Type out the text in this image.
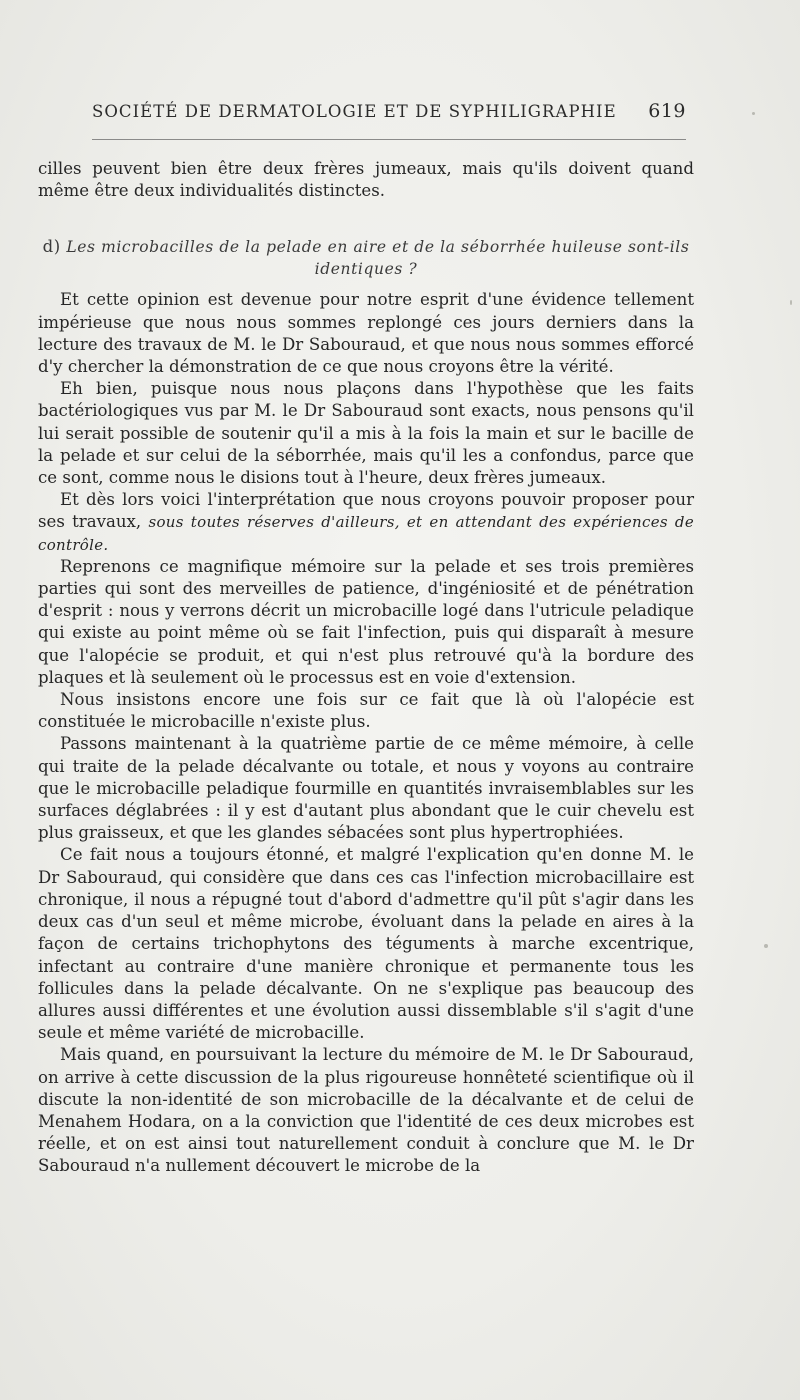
SOCIÉTÉ DE DERMATOLOGIE ET DE SYPHILIGRAPHIE 619

cilles peuvent bien être deux frères jumeaux, mais qu'ils doivent quand même être deux individualités distinctes.

d) Les microbacilles de la pelade en aire et de la séborrhée huileuse sont-ils identiques ?

Et cette opinion est devenue pour notre esprit d'une évidence tellement impérieuse que nous nous sommes replongé ces jours derniers dans la lecture des travaux de M. le Dr Sabouraud, et que nous nous sommes efforcé d'y chercher la démonstration de ce que nous croyons être la vérité.

Eh bien, puisque nous nous plaçons dans l'hypothèse que les faits bactériologiques vus par M. le Dr Sabouraud sont exacts, nous pensons qu'il lui serait possible de soutenir qu'il a mis à la fois la main et sur le bacille de la pelade et sur celui de la séborrhée, mais qu'il les a confondus, parce que ce sont, comme nous le disions tout à l'heure, deux frères jumeaux.

Et dès lors voici l'interprétation que nous croyons pouvoir proposer pour ses travaux, sous toutes réserves d'ailleurs, et en attendant des expériences de contrôle.

Reprenons ce magnifique mémoire sur la pelade et ses trois premières parties qui sont des merveilles de patience, d'ingéniosité et de pénétration d'esprit : nous y verrons décrit un microbacille logé dans l'utricule peladique qui existe au point même où se fait l'infection, puis qui disparaît à mesure que l'alopécie se produit, et qui n'est plus retrouvé qu'à la bordure des plaques et là seulement où le processus est en voie d'extension.

Nous insistons encore une fois sur ce fait que là où l'alopécie est constituée le microbacille n'existe plus.

Passons maintenant à la quatrième partie de ce même mémoire, à celle qui traite de la pelade décalvante ou totale, et nous y voyons au contraire que le microbacille peladique fourmille en quantités invraisemblables sur les surfaces déglabrées : il y est d'autant plus abondant que le cuir chevelu est plus graisseux, et que les glandes sébacées sont plus hypertrophiées.

Ce fait nous a toujours étonné, et malgré l'explication qu'en donne M. le Dr Sabouraud, qui considère que dans ces cas l'infection microbacillaire est chronique, il nous a répugné tout d'abord d'admettre qu'il pût s'agir dans les deux cas d'un seul et même microbe, évoluant dans la pelade en aires à la façon de certains trichophytons des téguments à marche excentrique, infectant au contraire d'une manière chronique et permanente tous les follicules dans la pelade décalvante. On ne s'explique pas beaucoup des allures aussi différentes et une évolution aussi dissemblable s'il s'agit d'une seule et même variété de microbacille.

Mais quand, en poursuivant la lecture du mémoire de M. le Dr Sabouraud, on arrive à cette discussion de la plus rigoureuse honnêteté scientifique où il discute la non-identité de son microbacille de la décalvante et de celui de Menahem Hodara, on a la conviction que l'identité de ces deux microbes est réelle, et on est ainsi tout naturellement conduit à conclure que M. le Dr Sabouraud n'a nullement découvert le microbe de la
